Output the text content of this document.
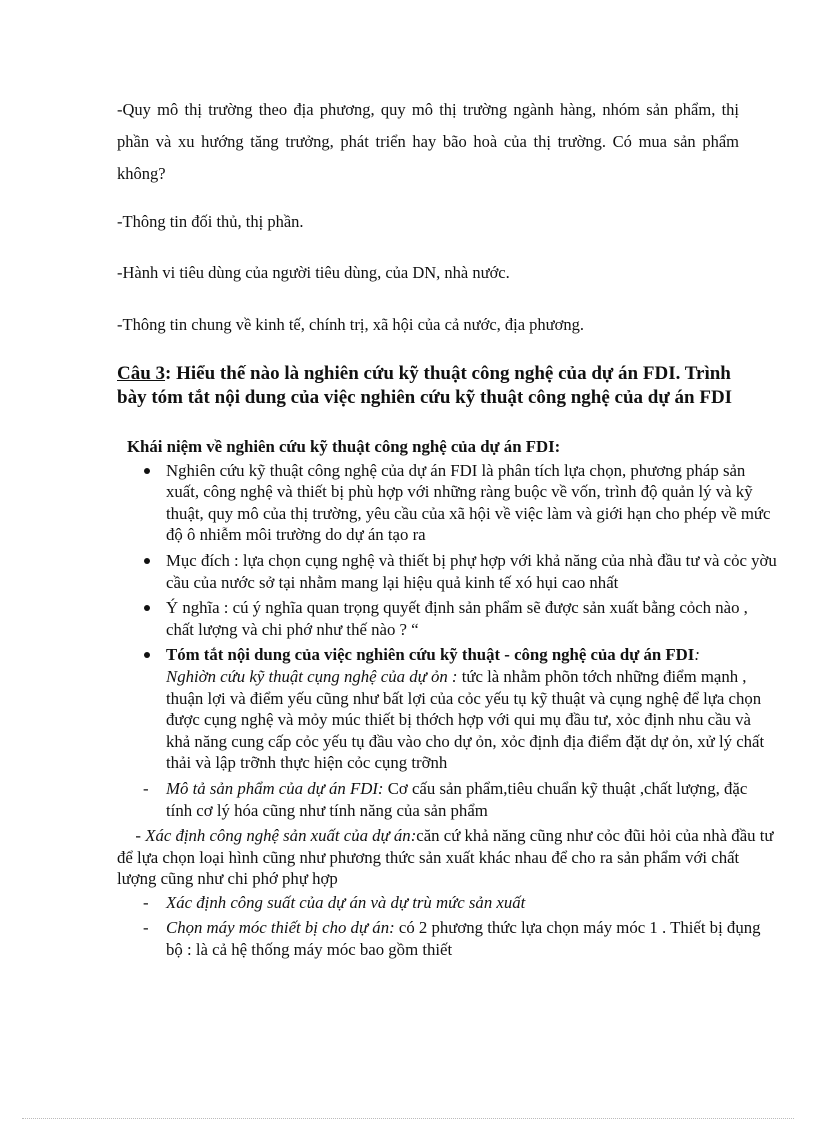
-Quy mô thị trường theo địa phương, quy mô thị trường ngành hàng, nhóm sản phẩm, thị phần và xu hướng tăng trưởng, phát triển hay bão hoà của thị trường. Có mua sản phẩm không?

-Thông tin đối thủ, thị phần.

-Hành vi tiêu dùng của người tiêu dùng, của DN, nhà nước.

-Thông tin chung về kinh tế, chính trị, xã hội của cả nước, địa phương.

Câu 3: Hiểu thế nào là nghiên cứu kỹ thuật công nghệ của dự án FDI. Trình bày tóm tắt nội dung của việc nghiên cứu kỹ thuật công nghệ của dự án FDI
Khái niệm về nghiên cứu kỹ thuật công nghệ của dự án FDI:
Nghiên cứu kỹ thuật công nghệ của dự án FDI là phân tích lựa chọn, phương pháp sản xuất, công nghệ và thiết bị phù hợp với những ràng buộc về vốn, trình độ quản lý và kỹ thuật, quy mô của thị trường, yêu cầu của xã hội về việc làm và giới hạn cho phép về mức độ ô nhiễm môi trường do dự án tạo ra
Mục đích : lựa chọn cụng nghệ và thiết bị phự hợp với khả năng của nhà đầu tư và cỏc yờu cầu của nước sở tại nhằm mang lại hiệu quả kinh tế xó hụi cao nhất
Ý nghĩa : cú ý nghĩa quan trọng quyết định sản phẩm sẽ được sản xuất bằng cỏch nào , chất lượng và chi phớ như thế nào ? “
Tóm tắt nội dung của việc nghiên cứu kỹ thuật - công nghệ của dự án FDI:
Nghiờn cứu kỹ thuật cụng nghệ của dự ỏn : tức là nhằm phõn tớch những điểm mạnh , thuận lợi và điểm yếu cũng như bất lợi của cỏc yếu tụ kỹ thuật và cụng nghệ để lựa chọn được cụng nghệ và mỏy múc thiết bị thớch hợp với qui mụ đầu tư, xỏc định nhu cầu và khả năng cung cấp cỏc yếu tụ đầu vào cho dự ỏn, xỏc định địa điểm đặt dự ỏn, xử lý chất thải và lập trỡnh thực hiện cỏc cụng trỡnh
- Mô tả sản phẩm của dự án FDI: Cơ cấu sản phẩm,tiêu chuẩn kỹ thuật ,chất lượng, đặc tính cơ lý hóa cũng như tính năng của sản phẩm
- Xác định công nghệ sản xuất của dự án:căn cứ khả năng cũng như cỏc đũi hỏi của nhà đầu tư để lựa chọn loại hình cũng như phương thức sản xuất khác nhau để cho ra sản phẩm với chất lượng cũng như chi phớ phự hợp
- Xác định công suất của dự án và dự trù mức sản xuất
- Chọn máy móc thiết bị cho dự án: có 2 phương thức lựa chọn máy móc 1 . Thiết bị đụng bộ : là cả hệ thống máy móc bao gồm thiết
